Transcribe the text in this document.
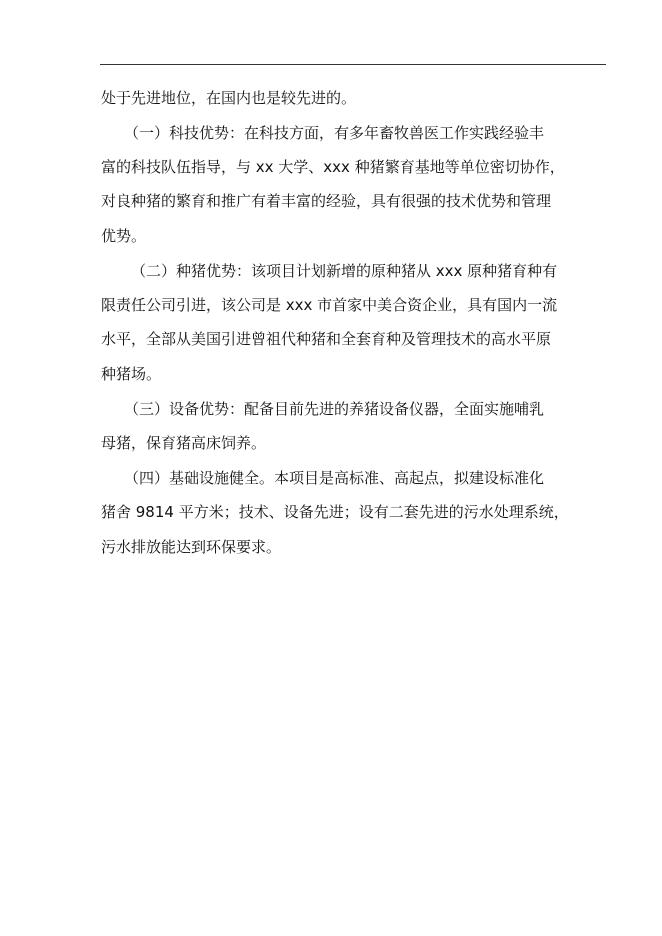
处于先进地位，在国内也是较先进的。
（一）科技优势：在科技方面，有多年畜牧兽医工作实践经验丰
富的科技队伍指导，与 xx 大学、xxx 种猪繁育基地等单位密切协作，
对良种猪的繁育和推广有着丰富的经验，具有很强的技术优势和管理
优势。
（二）种猪优势：该项目计划新增的原种猪从 xxx 原种猪育种有
限责任公司引进，该公司是 xxx 市首家中美合资企业，具有国内一流
水平，全部从美国引进曾祖代种猪和全套育种及管理技术的高水平原
种猪场。
（三）设备优势：配备目前先进的养猪设备仪器，全面实施哺乳
母猪，保育猪高床饲养。
（四）基础设施健全。本项目是高标准、高起点，拟建设标准化
猪舍 9814 平方米；技术、设备先进；设有二套先进的污水处理系统，
污水排放能达到环保要求。
